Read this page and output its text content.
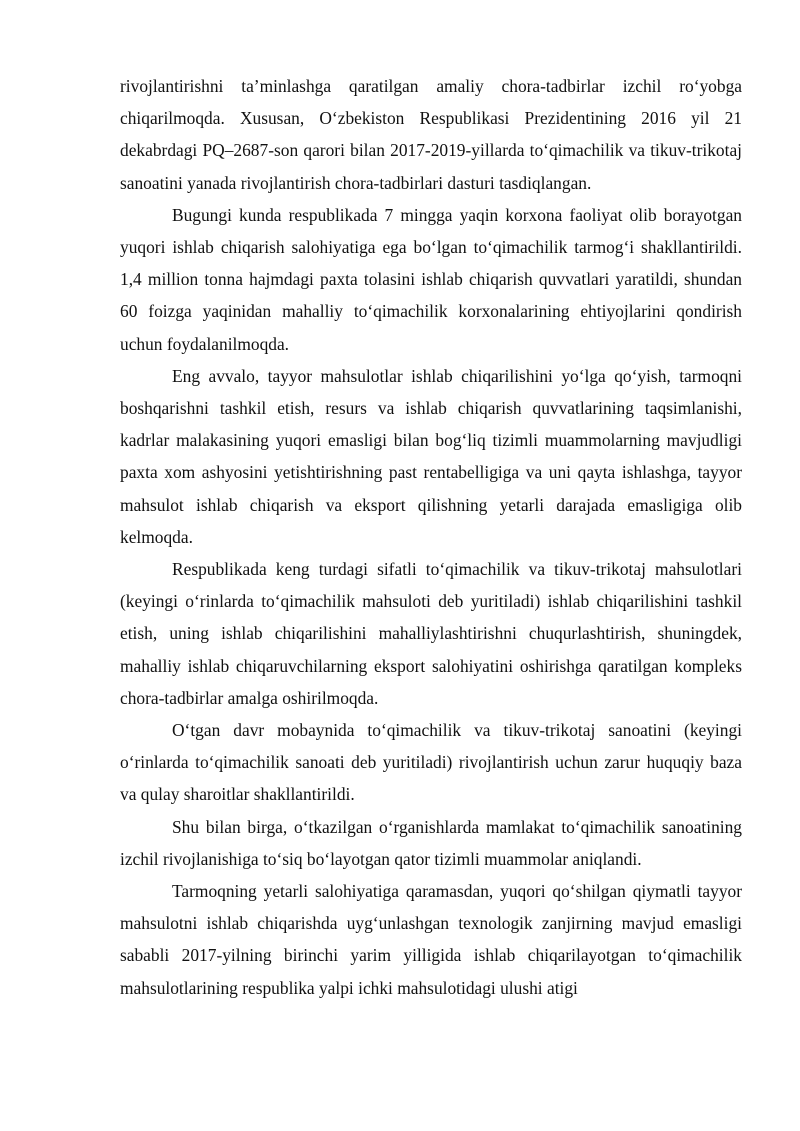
rivojlantirishni ta’minlashga qaratilgan amaliy chora-tadbirlar izchil ro‘yobga chiqarilmoqda. Xususan, O‘zbekiston Respublikasi Prezidentining 2016 yil 21 dekabrdagi PQ–2687-son qarori bilan 2017-2019-yillarda to‘qimachilik va tikuv-trikotaj sanoatini yanada rivojlantirish chora-tadbirlari dasturi tasdiqlangan.

Bugungi kunda respublikada 7 mingga yaqin korxona faoliyat olib borayotgan yuqori ishlab chiqarish salohiyatiga ega bo‘lgan to‘qimachilik tarmog‘i shakllantirildi. 1,4 million tonna hajmdagi paxta tolasini ishlab chiqarish quvvatlari yaratildi, shundan 60 foizga yaqinidan mahalliy to‘qimachilik korxonalarining ehtiyojlarini qondirish uchun foydalanilmoqda.

Eng avvalo, tayyor mahsulotlar ishlab chiqarilishini yo‘lga qo‘yish, tarmoqni boshqarishni tashkil etish, resurs va ishlab chiqarish quvvatlarining taqsimlanishi, kadrlar malakasining yuqori emasligi bilan bog‘liq tizimli muammolarning mavjudligi paxta xom ashyosini yetishtirishning past rentabelligiga va uni qayta ishlashga, tayyor mahsulot ishlab chiqarish va eksport qilishning yetarli darajada emasligiga olib kelmoqda.

Respublikada keng turdagi sifatli to‘qimachilik va tikuv-trikotaj mahsulotlari (keyingi o‘rinlarda to‘qimachilik mahsuloti deb yuritiladi) ishlab chiqarilishini tashkil etish, uning ishlab chiqarilishini mahalliylashtirishni chuqurlashtirish, shuningdek, mahalliy ishlab chiqaruvchilarning eksport salohiyatini oshirishga qaratilgan kompleks chora-tadbirlar amalga oshirilmoqda.

O‘tgan davr mobaynida to‘qimachilik va tikuv-trikotaj sanoatini (keyingi o‘rinlarda to‘qimachilik sanoati deb yuritiladi) rivojlantirish uchun zarur huquqiy baza va qulay sharoitlar shakllantirildi.

Shu bilan birga, o‘tkazilgan o‘rganishlarda mamlakat to‘qimachilik sanoatining izchil rivojlanishiga to‘siq bo‘layotgan qator tizimli muammolar aniqlandi.

Tarmoqning yetarli salohiyatiga qaramasdan, yuqori qo‘shilgan qiymatli tayyor mahsulotni ishlab chiqarishda uyg‘unlashgan texnologik zanjirning mavjud emasligi sababli 2017-yilning birinchi yarim yilligida ishlab chiqarilayotgan to‘qimachilik mahsulotlarining respublika yalpi ichki mahsulotidagi ulushi atigi
